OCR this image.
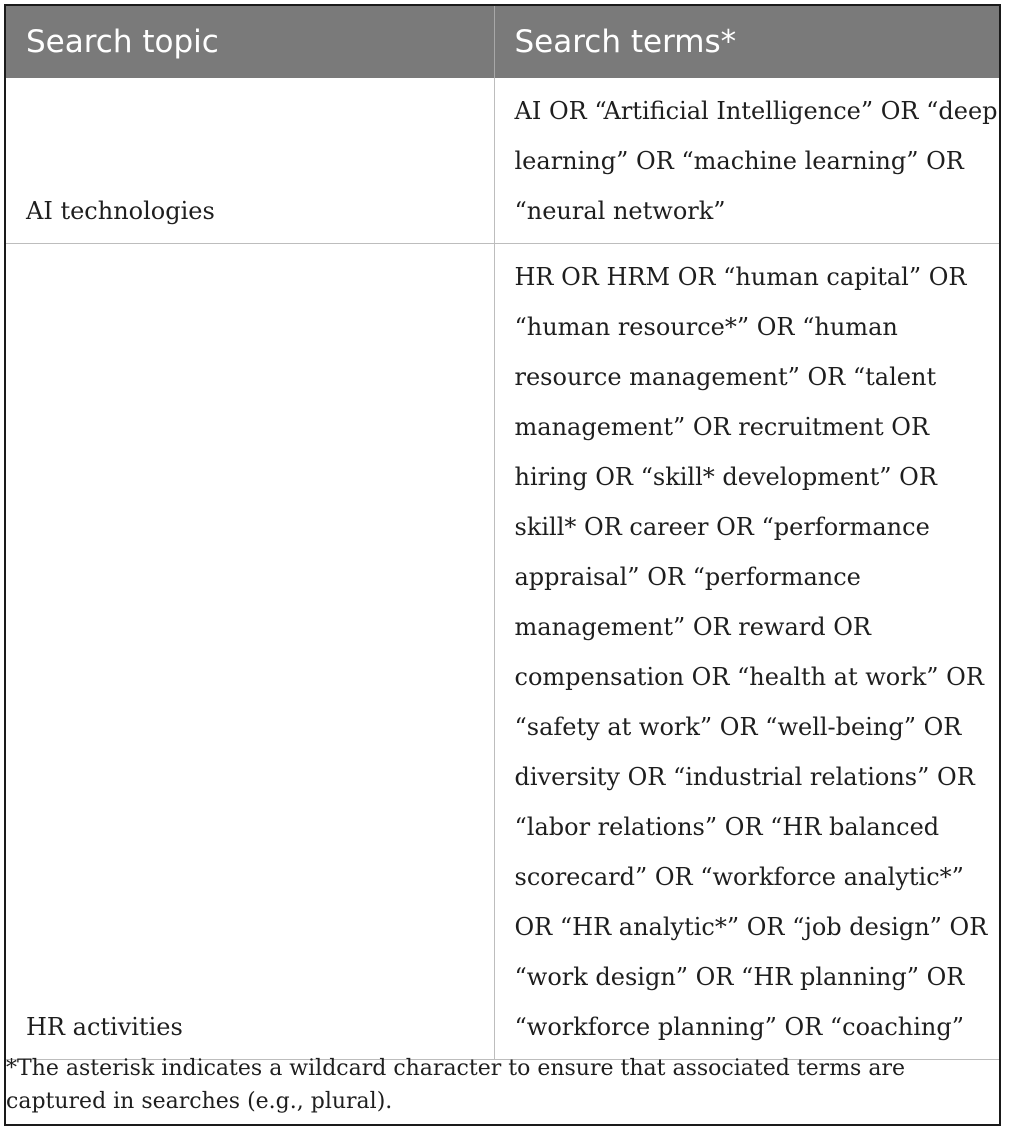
Search topic	Search terms*
AI technologies	AI OR “Artificial Intelligence” OR “deep learning” OR “machine learning” OR “neural network”
HR activities	HR OR HRM OR “human capital” OR “human resource*” OR “human resource management” OR “talent management” OR recruitment OR hiring OR “skill* development” OR skill* OR career OR “performance appraisal” OR “performance management” OR reward OR compensation OR “health at work” OR “safety at work” OR “well-being” OR diversity OR “industrial relations” OR “labor relations” OR “HR balanced scorecard” OR “workforce analytic*” OR “HR analytic*” OR “job design” OR “work design” OR “HR planning” OR “workforce planning” OR “coaching”

*The asterisk indicates a wildcard character to ensure that associated terms are captured in searches (e.g., plural).
